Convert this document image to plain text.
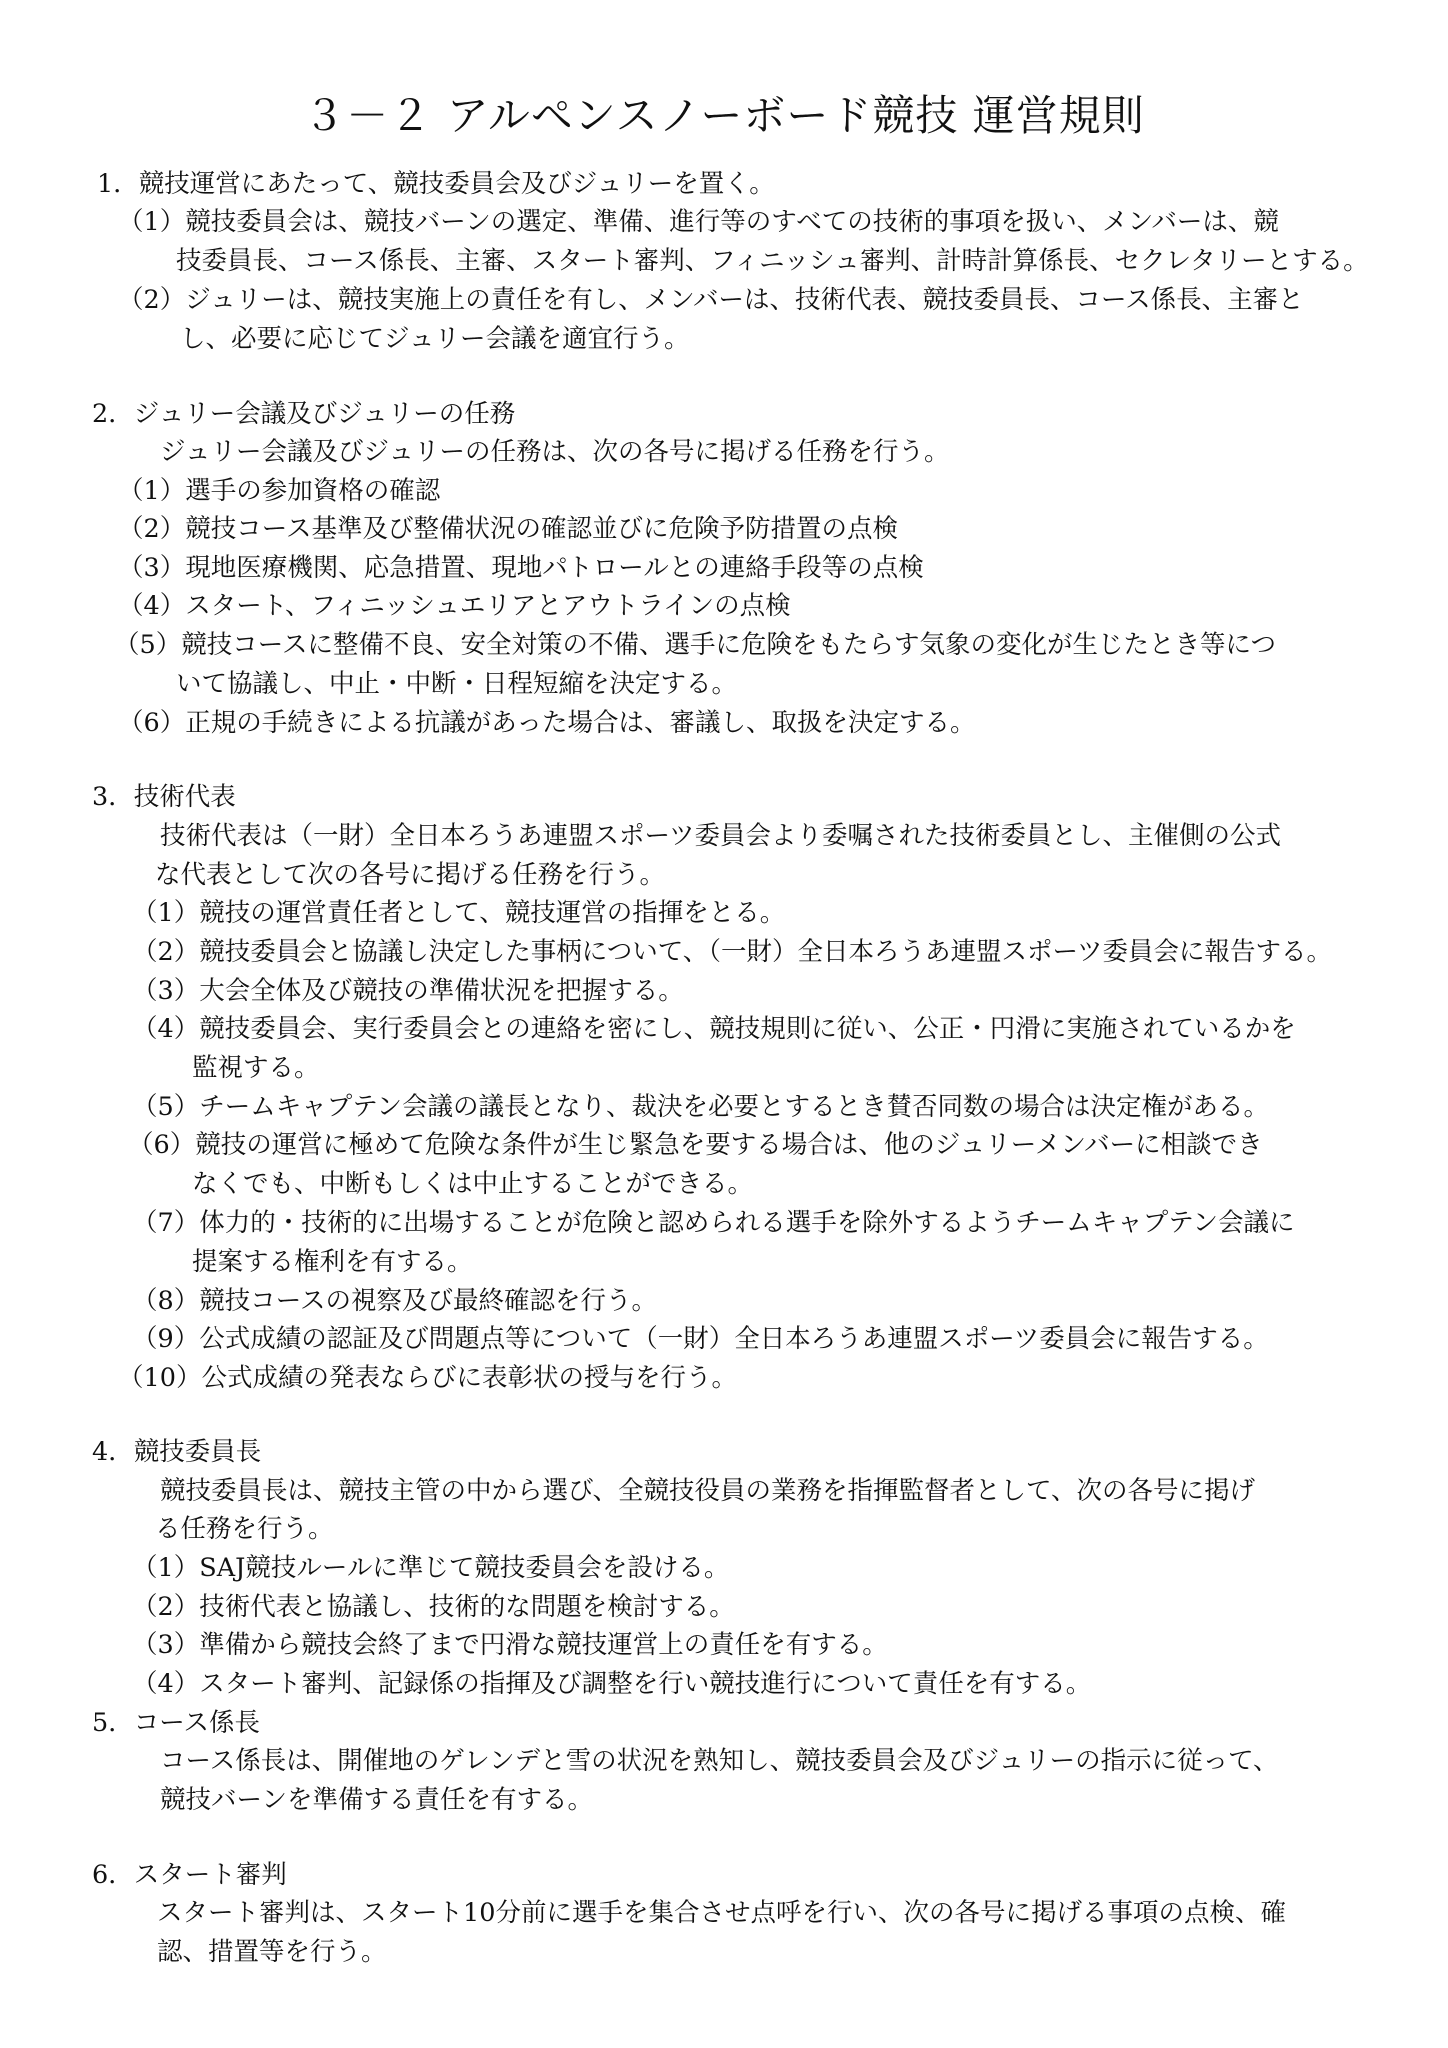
３－２ アルペンスノーボード競技 運営規則
1．競技運営にあたって、競技委員会及びジュリーを置く。
（1）競技委員会は、競技バーンの選定、準備、進行等のすべての技術的事項を扱い、メンバーは、競
技委員長、コース係長、主審、スタート審判、フィニッシュ審判、計時計算係長、セクレタリーとする。
（2）ジュリーは、競技実施上の責任を有し、メンバーは、技術代表、競技委員長、コース係長、主審と
し、必要に応じてジュリー会議を適宜行う。
2．ジュリー会議及びジュリーの任務
ジュリー会議及びジュリーの任務は、次の各号に掲げる任務を行う。
（1）選手の参加資格の確認
（2）競技コース基準及び整備状況の確認並びに危険予防措置の点検
（3）現地医療機関、応急措置、現地パトロールとの連絡手段等の点検
（4）スタート、フィニッシュエリアとアウトラインの点検
（5）競技コースに整備不良、安全対策の不備、選手に危険をもたらす気象の変化が生じたとき等につ
いて協議し、中止・中断・日程短縮を決定する。
（6）正規の手続きによる抗議があった場合は、審議し、取扱を決定する。
3．技術代表
技術代表は（一財）全日本ろうあ連盟スポーツ委員会より委嘱された技術委員とし、主催側の公式
な代表として次の各号に掲げる任務を行う。
（1）競技の運営責任者として、競技運営の指揮をとる。
（2）競技委員会と協議し決定した事柄について、（一財）全日本ろうあ連盟スポーツ委員会に報告する。
（3）大会全体及び競技の準備状況を把握する。
（4）競技委員会、実行委員会との連絡を密にし、競技規則に従い、公正・円滑に実施されているかを
監視する。
（5）チームキャプテン会議の議長となり、裁決を必要とするとき賛否同数の場合は決定権がある。
（6）競技の運営に極めて危険な条件が生じ緊急を要する場合は、他のジュリーメンバーに相談でき
なくでも、中断もしくは中止することができる。
（7）体力的・技術的に出場することが危険と認められる選手を除外するようチームキャプテン会議に
提案する権利を有する。
（8）競技コースの視察及び最終確認を行う。
（9）公式成績の認証及び問題点等について（一財）全日本ろうあ連盟スポーツ委員会に報告する。
（10）公式成績の発表ならびに表彰状の授与を行う。
4．競技委員長
競技委員長は、競技主管の中から選び、全競技役員の業務を指揮監督者として、次の各号に掲げ
る任務を行う。
（1）SAJ競技ルールに準じて競技委員会を設ける。
（2）技術代表と協議し、技術的な問題を検討する。
（3）準備から競技会終了まで円滑な競技運営上の責任を有する。
（4）スタート審判、記録係の指揮及び調整を行い競技進行について責任を有する。
5．コース係長
コース係長は、開催地のゲレンデと雪の状況を熟知し、競技委員会及びジュリーの指示に従って、
競技バーンを準備する責任を有する。
6．スタート審判
スタート審判は、スタート10分前に選手を集合させ点呼を行い、次の各号に掲げる事項の点検、確
認、措置等を行う。
